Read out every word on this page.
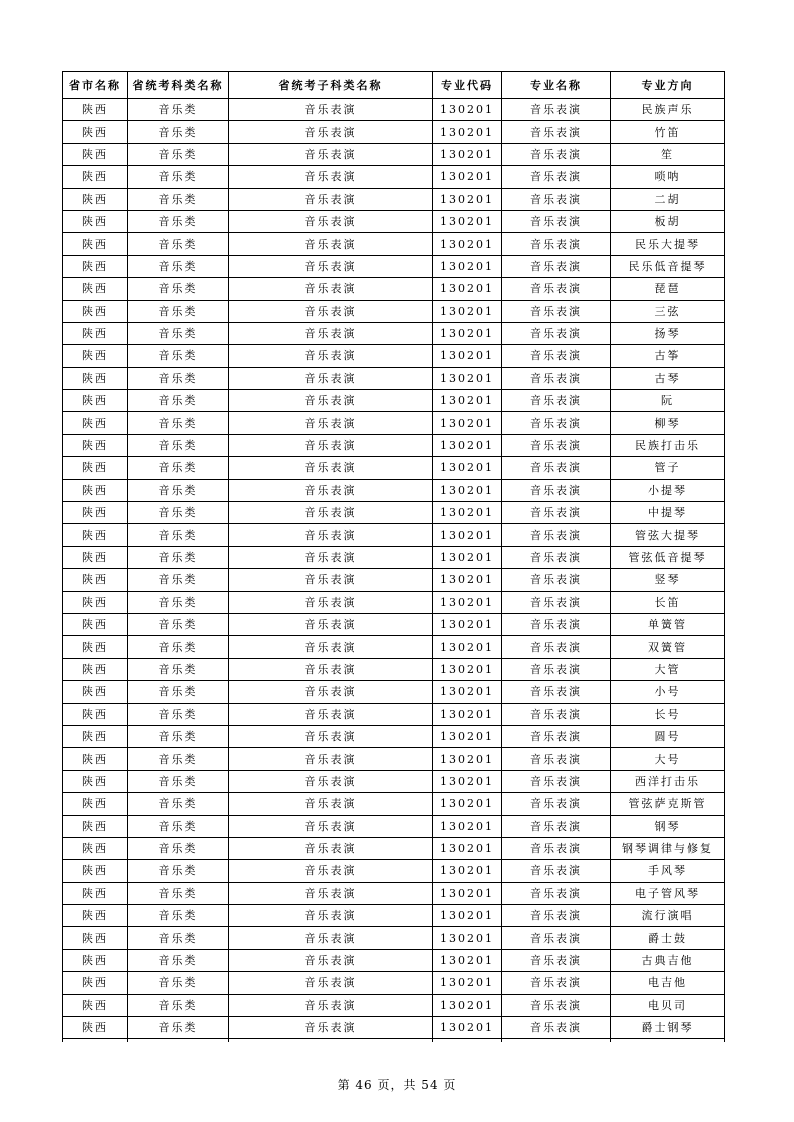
省市名称	省统考科类名称	省统考子科类名称	专业代码	专业名称	专业方向
陕西	音乐类	音乐表演	130201	音乐表演	民族声乐
陕西	音乐类	音乐表演	130201	音乐表演	竹笛
陕西	音乐类	音乐表演	130201	音乐表演	笙
陕西	音乐类	音乐表演	130201	音乐表演	唢呐
陕西	音乐类	音乐表演	130201	音乐表演	二胡
陕西	音乐类	音乐表演	130201	音乐表演	板胡
陕西	音乐类	音乐表演	130201	音乐表演	民乐大提琴
陕西	音乐类	音乐表演	130201	音乐表演	民乐低音提琴
陕西	音乐类	音乐表演	130201	音乐表演	琵琶
陕西	音乐类	音乐表演	130201	音乐表演	三弦
陕西	音乐类	音乐表演	130201	音乐表演	扬琴
陕西	音乐类	音乐表演	130201	音乐表演	古筝
陕西	音乐类	音乐表演	130201	音乐表演	古琴
陕西	音乐类	音乐表演	130201	音乐表演	阮
陕西	音乐类	音乐表演	130201	音乐表演	柳琴
陕西	音乐类	音乐表演	130201	音乐表演	民族打击乐
陕西	音乐类	音乐表演	130201	音乐表演	管子
陕西	音乐类	音乐表演	130201	音乐表演	小提琴
陕西	音乐类	音乐表演	130201	音乐表演	中提琴
陕西	音乐类	音乐表演	130201	音乐表演	管弦大提琴
陕西	音乐类	音乐表演	130201	音乐表演	管弦低音提琴
陕西	音乐类	音乐表演	130201	音乐表演	竖琴
陕西	音乐类	音乐表演	130201	音乐表演	长笛
陕西	音乐类	音乐表演	130201	音乐表演	单簧管
陕西	音乐类	音乐表演	130201	音乐表演	双簧管
陕西	音乐类	音乐表演	130201	音乐表演	大管
陕西	音乐类	音乐表演	130201	音乐表演	小号
陕西	音乐类	音乐表演	130201	音乐表演	长号
陕西	音乐类	音乐表演	130201	音乐表演	圆号
陕西	音乐类	音乐表演	130201	音乐表演	大号
陕西	音乐类	音乐表演	130201	音乐表演	西洋打击乐
陕西	音乐类	音乐表演	130201	音乐表演	管弦萨克斯管
陕西	音乐类	音乐表演	130201	音乐表演	钢琴
陕西	音乐类	音乐表演	130201	音乐表演	钢琴调律与修复
陕西	音乐类	音乐表演	130201	音乐表演	手风琴
陕西	音乐类	音乐表演	130201	音乐表演	电子管风琴
陕西	音乐类	音乐表演	130201	音乐表演	流行演唱
陕西	音乐类	音乐表演	130201	音乐表演	爵士鼓
陕西	音乐类	音乐表演	130201	音乐表演	古典吉他
陕西	音乐类	音乐表演	130201	音乐表演	电吉他
陕西	音乐类	音乐表演	130201	音乐表演	电贝司
陕西	音乐类	音乐表演	130201	音乐表演	爵士钢琴

第 46 页，共 54 页
